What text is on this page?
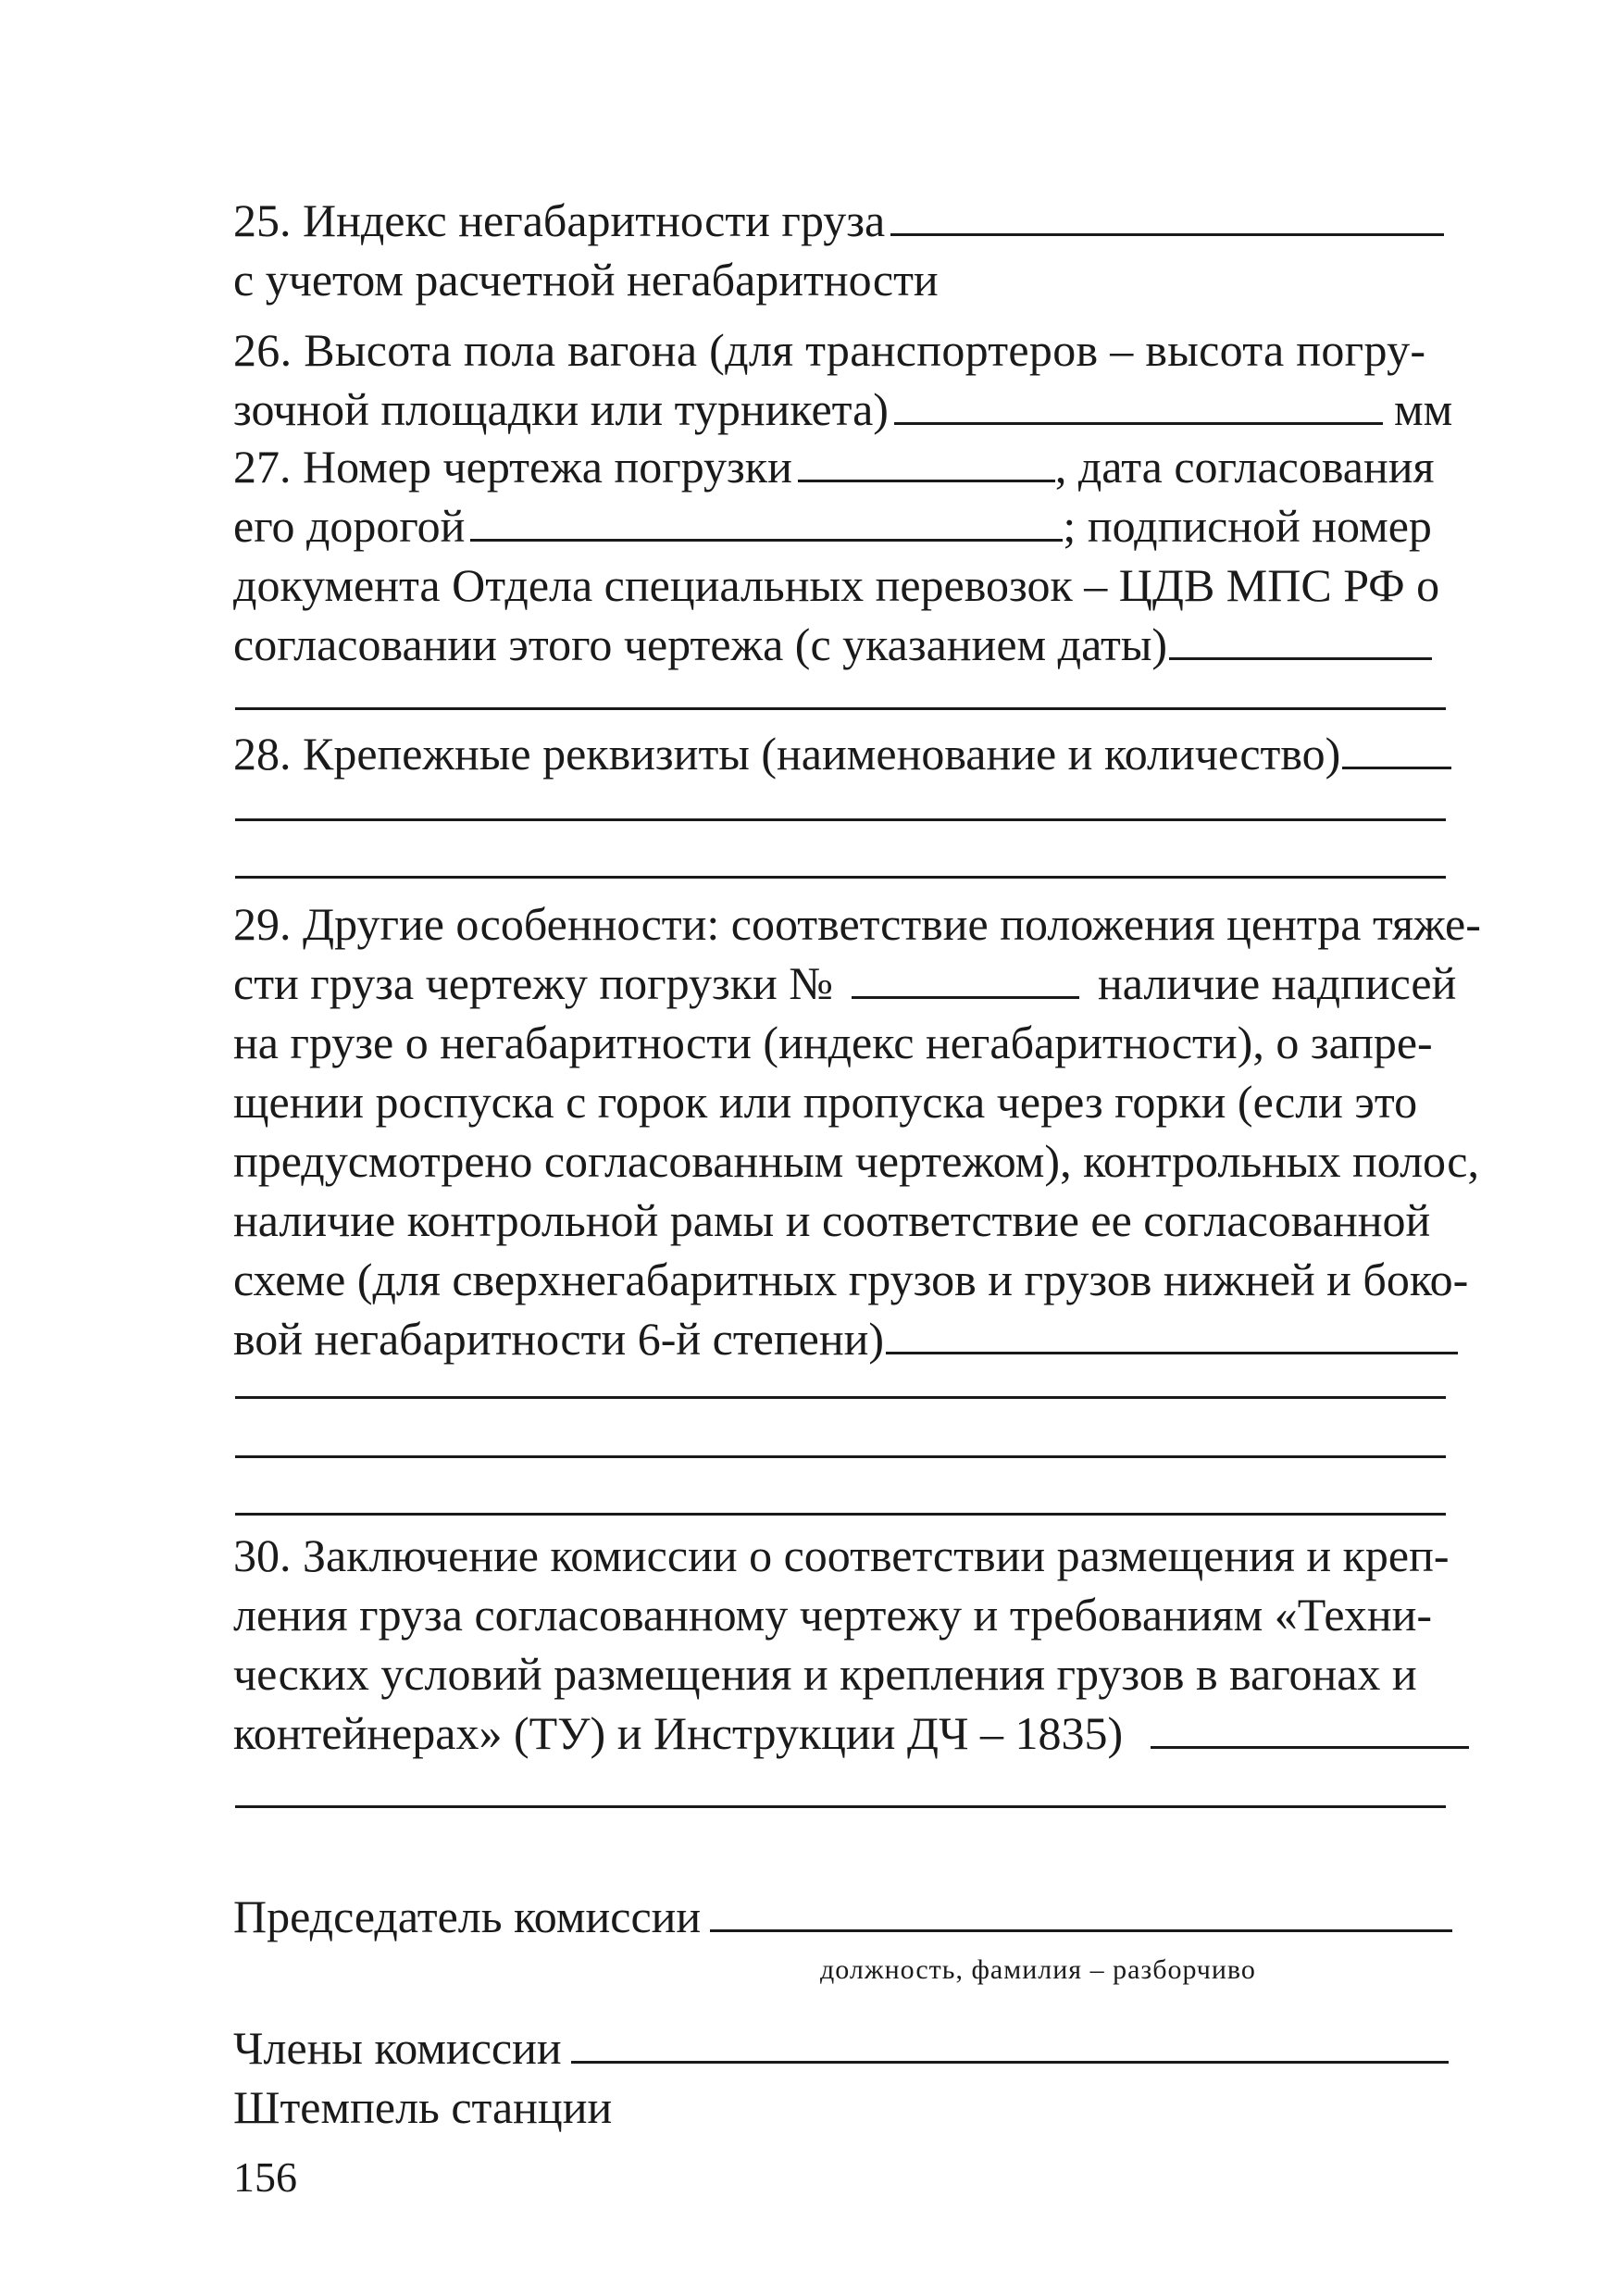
25. Индекс негабаритности груза
с учетом расчетной негабаритности
26. Высота пола вагона (для транспортеров – высота погру-
зочной площадки или турникета)	мм
27. Номер чертежа погрузки	, дата согласования
его дорогой	; подписной номер
документа Отдела специальных перевозок – ЦДВ МПС РФ о
согласовании этого чертежа (с указанием даты)
28. Крепежные реквизиты (наименование и количество)
29. Другие особенности: соответствие положения центра тяже-
сти груза чертежу погрузки №	наличие надписей
на грузе о негабаритности (индекс негабаритности), о запре-
щении роспуска с горок или пропуска через горки (если это
предусмотрено согласованным чертежом), контрольных полос,
наличие контрольной рамы и соответствие ее согласованной
схеме (для сверхнегабаритных грузов и грузов нижней и боко-
вой негабаритности 6-й степени)
30. Заключение комиссии о соответствии размещения и креп-
ления груза согласованному чертежу и требованиям «Техни-
ческих условий размещения и крепления грузов в вагонах и
контейнерах» (ТУ) и Инструкции ДЧ – 1835)
Председатель комиссии
должность, фамилия – разборчиво
Члены комиссии
Штемпель станции
156
